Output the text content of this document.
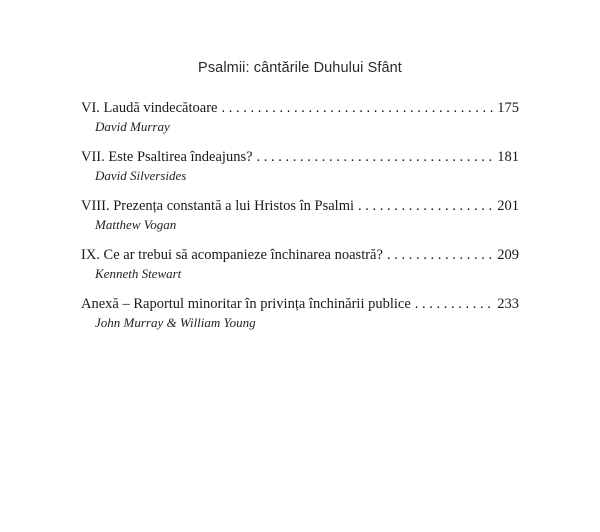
Psalmii: cântările Duhului Sfânt
VI. Laudă vindecătoare . . .	175
David Murray
VII. Este Psaltirea îndeajuns? . . .	181
David Silversides
VIII. Prezența constantă a lui Hristos în Psalmi . . .	201
Matthew Vogan
IX. Ce ar trebui să acompanieze închinarea noastră? . . .	209
Kenneth Stewart
Anexă – Raportul minoritar în privința închinării publice . . .	233
John Murray & William Young
